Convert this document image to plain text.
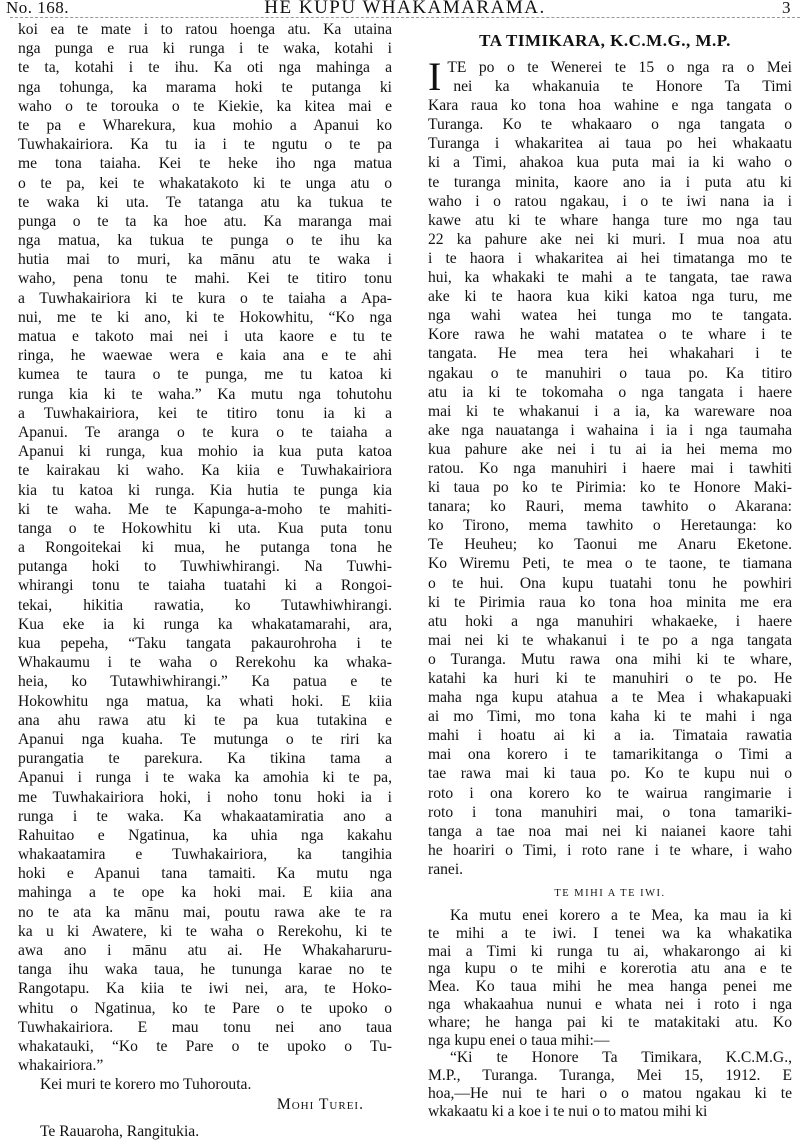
No. 168.	HE KUPU WHAKAMARAMA.	3
koi ea te mate i to ratou hoenga atu. Ka utaina
nga punga e rua ki runga i te waka, kotahi i
te ta, kotahi i te ihu. Ka oti nga mahinga a
nga tohunga, ka marama hoki te putanga ki
waho o te torouka o te Kiekie, ka kitea mai e
te pa e Wharekura, kua mohio a Apanui ko
Tuwhakairiora. Ka tu ia i te ngutu o te pa
me tona taiaha. Kei te heke iho nga matua
o te pa, kei te whakatakoto ki te unga atu o
te waka ki uta. Te tatanga atu ka tukua te
punga o te ta ka hoe atu. Ka maranga mai
nga matua, ka tukua te punga o te ihu ka
hutia mai to muri, ka mānu atu te waka i
waho, pena tonu te mahi. Kei te titiro tonu
a Tuwhakairiora ki te kura o te taiaha a Apa-
nui, me te ki ano, ki te Hokowhitu, “Ko nga
matua e takoto mai nei i uta kaore e tu te
ringa, he waewae wera e kaia ana e te ahi
kumea te taura o te punga, me tu katoa ki
runga kia ki te waha.” Ka mutu nga tohutohu
a Tuwhakairiora, kei te titiro tonu ia ki a
Apanui. Te aranga o te kura o te taiaha a
Apanui ki runga, kua mohio ia kua puta katoa
te kairakau ki waho. Ka kiia e Tuwhakairiora
kia tu katoa ki runga. Kia hutia te punga kia
ki te waha. Me te Kapunga-a-moho te mahiti-
tanga o te Hokowhitu ki uta. Kua puta tonu
a Rongoitekai ki mua, he putanga tona he
putanga hoki to Tuwhiwhirangi. Na Tuwhi-
whirangi tonu te taiaha tuatahi ki a Rongoi-
tekai, hikitia rawatia, ko Tutawhiwhirangi.
Kua eke ia ki runga ka whakatamarahi, ara,
kua pepeha, “Taku tangata pakaurohroha i te
Whakaumu i te waha o Rerekohu ka whaka-
heia, ko Tutawhiwhirangi.” Ka patua e te
Hokowhitu nga matua, ka whati hoki. E kiia
ana ahu rawa atu ki te pa kua tutakina e
Apanui nga kuaha. Te mutunga o te riri ka
purangatia te parekura. Ka tikina tama a
Apanui i runga i te waka ka amohia ki te pa,
me Tuwhakairiora hoki, i noho tonu hoki ia i
runga i te waka. Ka whakaatamiratia ano a
Rahuitao e Ngatinua, ka uhia nga kakahu
whakaatamira e Tuwhakairiora, ka tangihia
hoki e Apanui tana tamaiti. Ka mutu nga
mahinga a te ope ka hoki mai. E kiia ana
no te ata ka mānu mai, poutu rawa ake te ra
ka u ki Awatere, ki te waha o Rerekohu, ki te
awa ano i mānu atu ai. He Whakaharuru-
tanga ihu waka taua, he tununga karae no te
Rangotapu. Ka kiia te iwi nei, ara, te Hoko-
whitu o Ngatinua, ko te Pare o te upoko o
Tuwhakairiora. E mau tonu nei ano taua
whakatauki, “Ko te Pare o te upoko o Tu-
whakairiora.”
Kei muri te korero mo Tuhorouta.
Mohi Turei.
Te Rauaroha, Rangitukia.
TA TIMIKARA, K.C.M.G., M.P.
I TE po o te Wenerei te 15 o nga ra o Mei
nei ka whakanuia te Honore Ta Timi
Kara raua ko tona hoa wahine e nga tangata o
Turanga. Ko te whakaaro o nga tangata o
Turanga i whakaritea ai taua po hei whakaatu
ki a Timi, ahakoa kua puta mai ia ki waho o
te turanga minita, kaore ano ia i puta atu ki
waho i o ratou ngakau, i o te iwi nana ia i
kawe atu ki te whare hanga ture mo nga tau
22 ka pahure ake nei ki muri. I mua noa atu
i te haora i whakaritea ai hei timatanga mo te
hui, ka whakaki te mahi a te tangata, tae rawa
ake ki te haora kua kiki katoa nga turu, me
nga wahi watea hei tunga mo te tangata.
Kore rawa he wahi matatea o te whare i te
tangata. He mea tera hei whakahari i te
ngakau o te manuhiri o taua po. Ka titiro
atu ia ki te tokomaha o nga tangata i haere
mai ki te whakanui i a ia, ka wareware noa
ake nga nauatanga i wahaina i ia i nga taumaha
kua pahure ake nei i tu ai ia hei mema mo
ratou. Ko nga manuhiri i haere mai i tawhiti
ki taua po ko te Pirimia: ko te Honore Maki-
tanara; ko Rauri, mema tawhito o Akarana:
ko Tirono, mema tawhito o Heretaunga: ko
Te Heuheu; ko Taonui me Anaru Eketone.
Ko Wiremu Peti, te mea o te taone, te tiamana
o te hui. Ona kupu tuatahi tonu he powhiri
ki te Pirimia raua ko tona hoa minita me era
atu hoki a nga manuhiri whakaeke, i haere
mai nei ki te whakanui i te po a nga tangata
o Turanga. Mutu rawa ona mihi ki te whare,
katahi ka huri ki te manuhiri o te po. He
maha nga kupu atahua a te Mea i whakapuaki
ai mo Timi, mo tona kaha ki te mahi i nga
mahi i hoatu ai ki a ia. Timataia rawatia
mai ona korero i te tamarikitanga o Timi a
tae rawa mai ki taua po. Ko te kupu nui o
roto i ona korero ko te wairua rangimarie i
roto i tona manuhiri mai, o tona tamariki-
tanga a tae noa mai nei ki naianei kaore tahi
he hoariri o Timi, i roto rane i te whare, i waho
ranei.
TE MIHI A TE IWI.
Ka mutu enei korero a te Mea, ka mau ia ki
te mihi a te iwi. I tenei wa ka whakatika
mai a Timi ki runga tu ai, whakarongo ai ki
nga kupu o te mihi e korerotia atu ana e te
Mea. Ko taua mihi he mea hanga penei me
nga whakaahua nunui e whata nei i roto i nga
whare; he hanga pai ki te matakitaki atu. Ko
nga kupu enei o taua mihi:—
“Ki te Honore Ta Timikara, K.C.M.G.,
M.P., Turanga. Turanga, Mei 15, 1912. E
hoa,—He nui te hari o o matou ngakau ki te
wkakaatu ki a koe i te nui o to matou mihi ki
